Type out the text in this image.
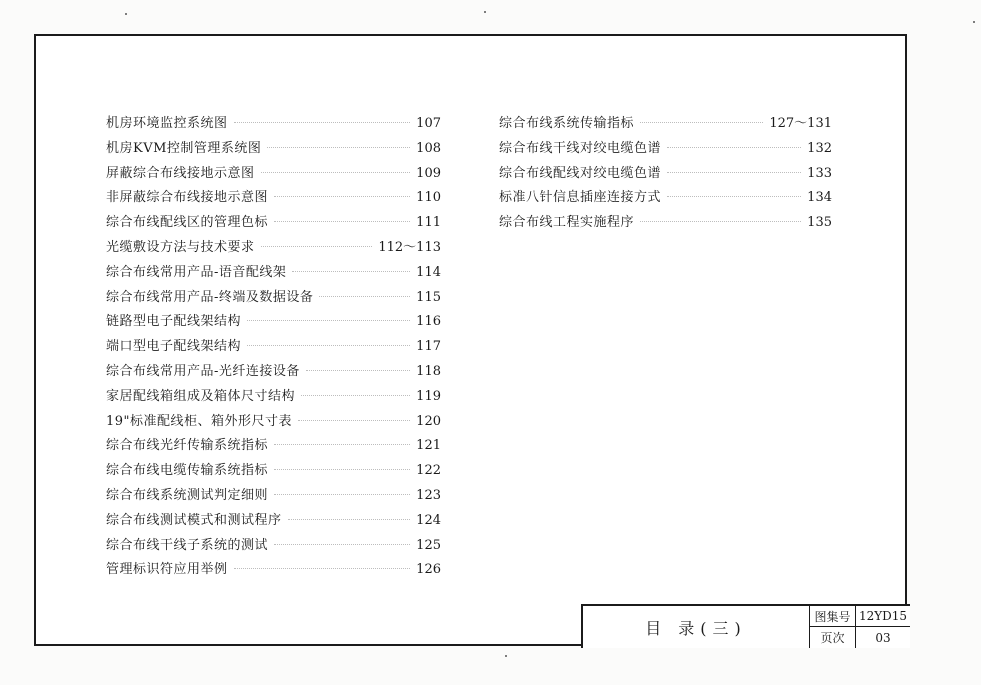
机房环境监控系统图	107
机房KVM控制管理系统图	108
屏蔽综合布线接地示意图	109
非屏蔽综合布线接地示意图	110
综合布线配线区的管理色标	111
光缆敷设方法与技术要求	112～113
综合布线常用产品-语音配线架	114
综合布线常用产品-终端及数据设备	115
链路型电子配线架结构	116
端口型电子配线架结构	117
综合布线常用产品-光纤连接设备	118
家居配线箱组成及箱体尺寸结构	119
19"标准配线柜、箱外形尺寸表	120
综合布线光纤传输系统指标	121
综合布线电缆传输系统指标	122
综合布线系统测试判定细则	123
综合布线测试模式和测试程序	124
综合布线干线子系统的测试	125
管理标识符应用举例	126
综合布线系统传输指标	127～131
综合布线干线对绞电缆色谱	132
综合布线配线对绞电缆色谱	133
标准八针信息插座连接方式	134
综合布线工程实施程序	135
目 录(三)
图集号 12YD15
页次	03
